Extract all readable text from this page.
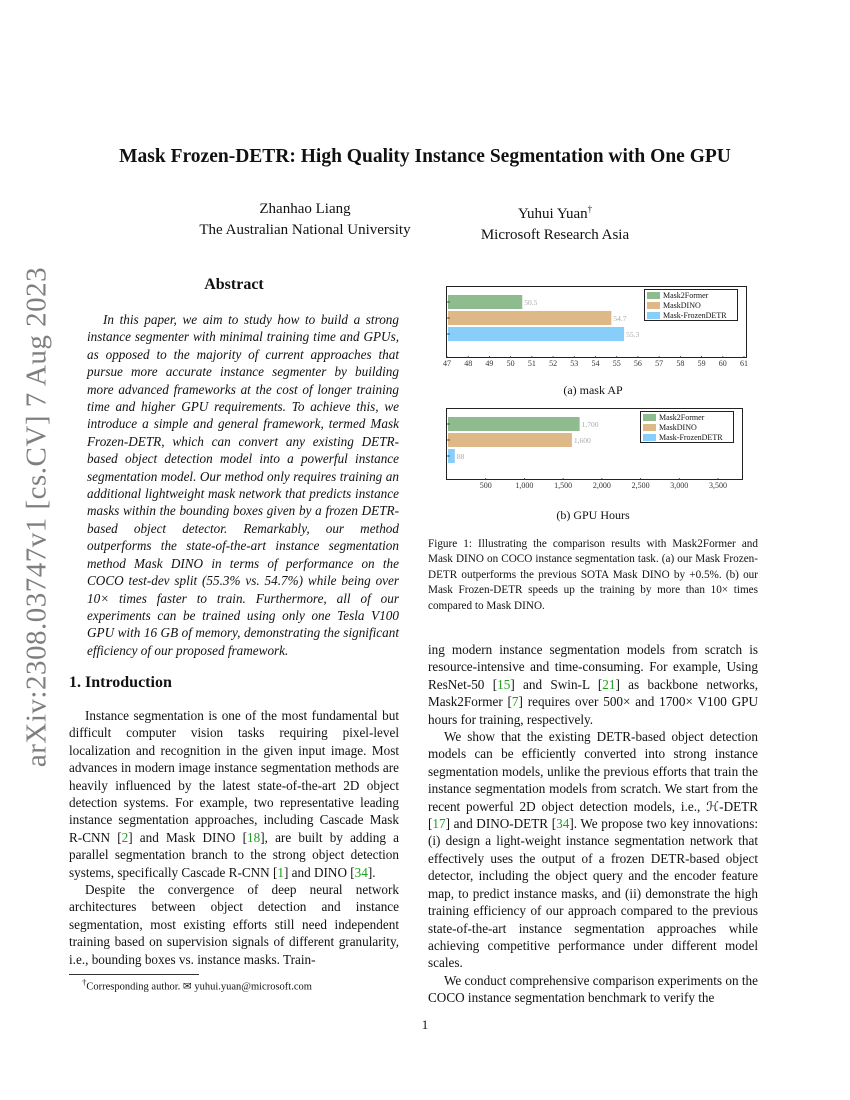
arXiv:2308.03747v1 [cs.CV] 7 Aug 2023
Mask Frozen-DETR: High Quality Instance Segmentation with One GPU
Zhanhao Liang
The Australian National University
Yuhui Yuan†
Microsoft Research Asia
Abstract

In this paper, we aim to study how to build a strong instance segmenter with minimal training time and GPUs, as opposed to the majority of current approaches that pursue more accurate instance segmenter by building more advanced frameworks at the cost of longer training time and higher GPU requirements. To achieve this, we introduce a simple and general framework, termed Mask Frozen-DETR, which can convert any existing DETR-based object detection model into a powerful instance segmentation model. Our method only requires training an additional lightweight mask network that predicts instance masks within the bounding boxes given by a frozen DETR-based object detector. Remarkably, our method outperforms the state-of-the-art instance segmentation method Mask DINO in terms of performance on the COCO test-dev split (55.3% vs. 54.7%) while being over 10× times faster to train. Furthermore, all of our experiments can be trained using only one Tesla V100 GPU with 16 GB of memory, demonstrating the significant efficiency of our proposed framework.

1. Introduction

Instance segmentation is one of the most fundamental but difficult computer vision tasks requiring pixel-level localization and recognition in the given input image. Most advances in modern image instance segmentation methods are heavily influenced by the latest state-of-the-art 2D object detection systems. For example, two representative leading instance segmentation approaches, including Cascade Mask R-CNN [2] and Mask DINO [18], are built by adding a parallel segmentation branch to the strong object detection systems, specifically Cascade R-CNN [1] and DINO [34].

Despite the convergence of deep neural network architectures between object detection and instance segmentation, most existing efforts still need independent training based on supervision signals of different granularity, i.e., bounding boxes vs. instance masks. Train-

†Corresponding author. ✉ yuhui.yuan@microsoft.com
50.5
54.7
55.3
Mask2Former
MaskDINO
Mask-FrozenDETR
47 48 49 50 51 52 53 54 55 56 57 58 59 60 61
(a) mask AP
1,700
1,600
88
Mask2Former
MaskDINO
Mask-FrozenDETR
500	1,000	1,500	2,000	2,500	3,000	3,500
(b) GPU Hours
Figure 1: Illustrating the comparison results with Mask2Former and Mask DINO on COCO instance segmentation task. (a) our Mask Frozen-DETR outperforms the previous SOTA Mask DINO by +0.5%. (b) our Mask Frozen-DETR speeds up the training by more than 10× times compared to Mask DINO.

ing modern instance segmentation models from scratch is resource-intensive and time-consuming. For example, Using ResNet-50 [15] and Swin-L [21] as backbone networks, Mask2Former [7] requires over 500× and 1700× V100 GPU hours for training, respectively.

We show that the existing DETR-based object detection models can be efficiently converted into strong instance segmentation models, unlike the previous efforts that train the instance segmentation models from scratch. We start from the recent powerful 2D object detection models, i.e., ℋ-DETR [17] and DINO-DETR [34]. We propose two key innovations: (i) design a light-weight instance segmentation network that effectively uses the output of a frozen DETR-based object detector, including the object query and the encoder feature map, to predict instance masks, and (ii) demonstrate the high training efficiency of our approach compared to the previous state-of-the-art instance segmentation approaches while achieving competitive performance under different model scales.

We conduct comprehensive comparison experiments on the COCO instance segmentation benchmark to verify the

1
